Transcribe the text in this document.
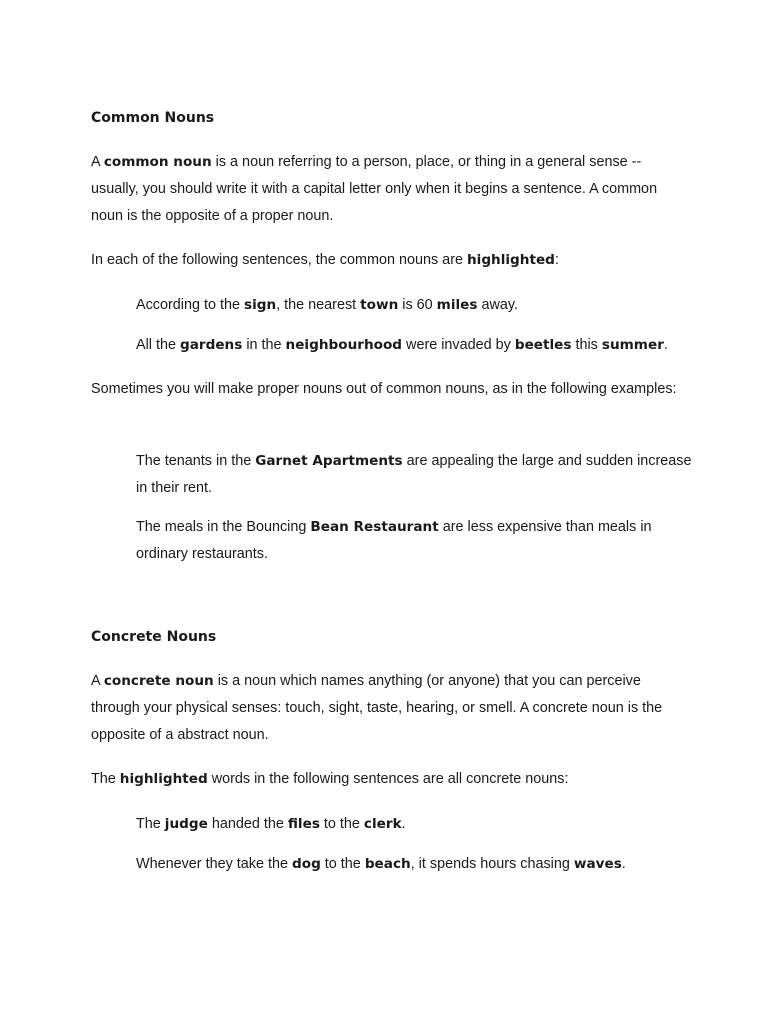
Common Nouns

A common noun is a noun referring to a person, place, or thing in a general sense -- usually, you should write it with a capital letter only when it begins a sentence. A common noun is the opposite of a proper noun.

In each of the following sentences, the common nouns are highlighted:

According to the sign, the nearest town is 60 miles away.

All the gardens in the neighbourhood were invaded by beetles this summer.

Sometimes you will make proper nouns out of common nouns, as in the following examples:

The tenants in the Garnet Apartments are appealing the large and sudden increase in their rent.

The meals in the Bouncing Bean Restaurant are less expensive than meals in ordinary restaurants.

Concrete Nouns

A concrete noun is a noun which names anything (or anyone) that you can perceive through your physical senses: touch, sight, taste, hearing, or smell. A concrete noun is the opposite of a abstract noun.

The highlighted words in the following sentences are all concrete nouns:

The judge handed the files to the clerk.

Whenever they take the dog to the beach, it spends hours chasing waves.
